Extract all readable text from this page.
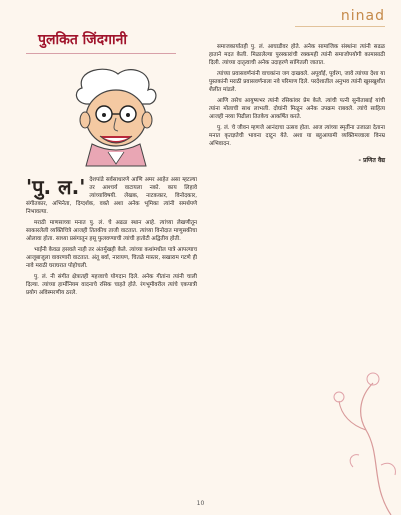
ninad
पुलकित जिंदगानी
'पु. ल.' देशपांडे सर्वसाधारणे आणि अमर आहेत असा म्हटल्या तर आश्चर्य वाटायला नको. काय लिहावे त्यांच्याविषयी. लेखक, नाटककार, विनोदकार, संगीतकार, अभिनेता, दिग्दर्शक, वक्ते अशा अनेक भूमिका त्यांनी समर्थपणे निभावल्या.

मराठी माणसाच्या मनात पु. लं. चे अढळ स्थान आहे. त्यांच्या लेखणीतून साकारलेली व्यक्तिचित्रे आजही तितकीच ताजी वाटतात. त्यांच्या विनोदात माणुसकीचा ओलावा होता. साध्या प्रसंगातून हसू फुलवण्याची त्यांची हातोटी अद्वितीय होती.

भाईंनी केवळ हसवले नाही तर अंतर्मुखही केले. त्यांच्या कथांमधील पात्रे आपल्याच आजूबाजूला वावरणारी वाटतात. अंतू बर्वा, नारायण, चितळे मास्तर, सखाराम गटणे ही नावे मराठी घराघरात पोहोचली.

पु. लं. नी संगीत क्षेत्रातही महत्त्वाचे योगदान दिले. अनेक गीतांना त्यांनी चाली दिल्या. त्यांच्या हार्मोनियम वादनाचे रसिक चाहते होते. रंगभूमीवरील त्यांचे एकपात्री प्रयोग अविस्मरणीय ठरले.

समाजकार्यातही पु. लं. आघाडीवर होते. अनेक सामाजिक संस्थांना त्यांनी सढळ हाताने मदत केली. मिळालेल्या पुरस्कारांची रक्कमही त्यांनी समाजोपयोगी कामासाठी दिली. त्यांच्या दातृत्वाची अनेक उदाहरणे सांगितली जातात.

त्यांच्या प्रवासवर्णनांनी वाचकांना जग दाखवले. अपूर्वाई, पूर्वरंग, जावे त्यांच्या देशा या पुस्तकांनी मराठी प्रवासवर्णनाला नवे परिमाण दिले. परदेशातील अनुभव त्यांनी खुसखुशीत शैलीत मांडले.

आणि तसेच आयुष्यभर त्यांनी रसिकांवर प्रेम केले. त्यांची पत्नी सुनीताबाई यांची त्यांना मोलाची साथ लाभली. दोघांनी मिळून अनेक उपक्रम राबवले. त्यांचे साहित्य आजही नव्या पिढीला तितकेच आकर्षित करते.

पु. लं. चे जीवन म्हणजे आनंदाचा उत्सव होता. आज त्यांच्या स्मृतींना उजाळा देताना मनात कृतज्ञतेची भावना दाटून येते. अशा या बहुआयामी व्यक्तिमत्त्वाला विनम्र अभिवादन.

- प्रणित वैद्य
10
